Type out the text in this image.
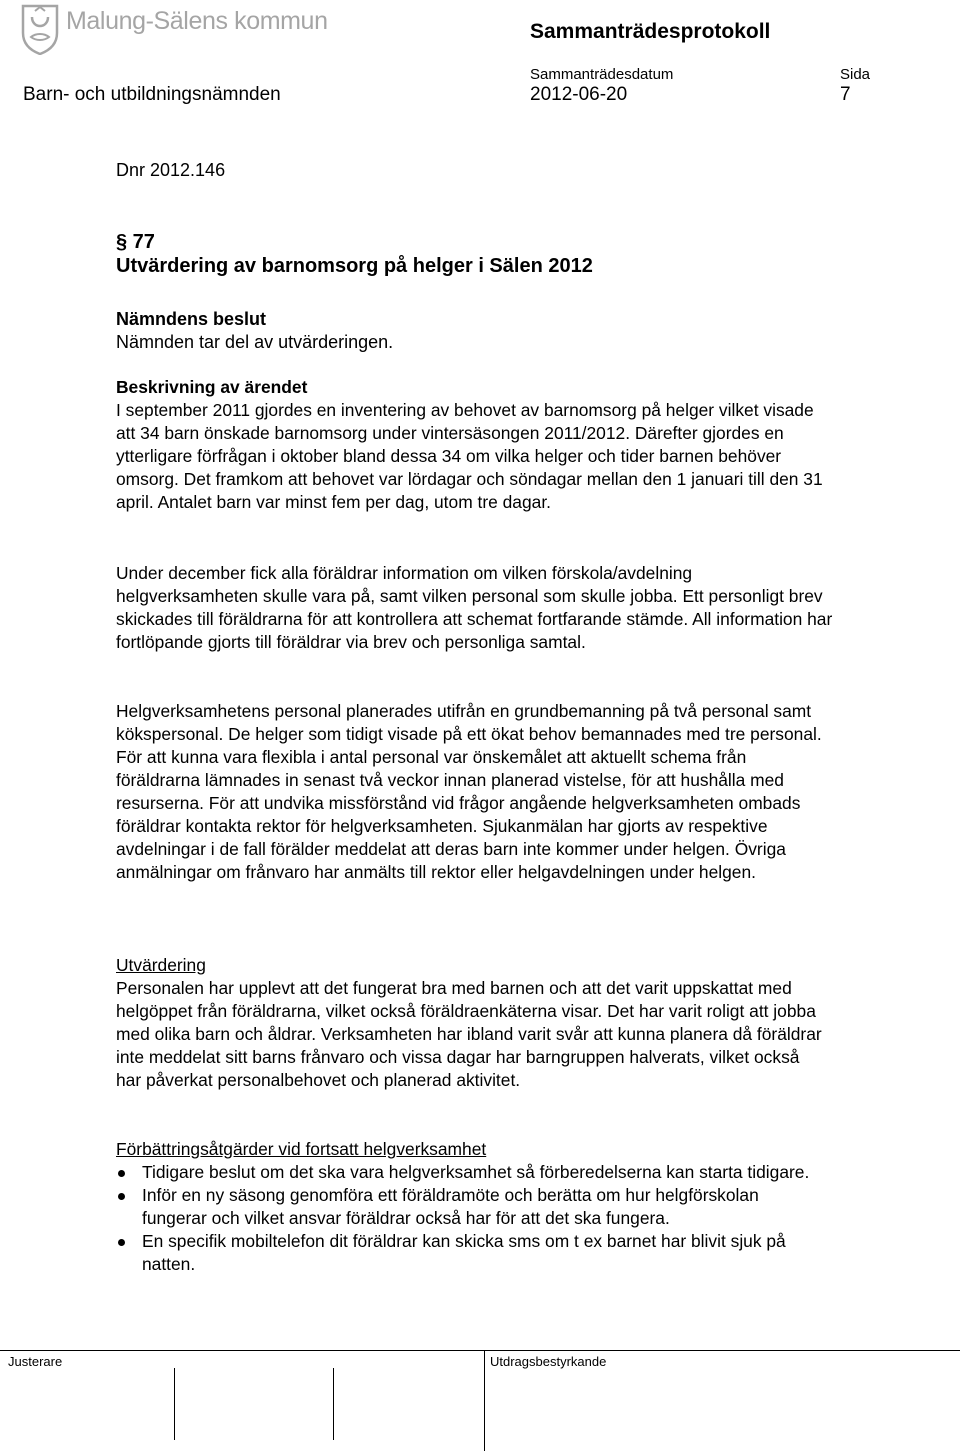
Malung-Sälens kommun	Sammanträdesprotokoll
Sammanträdesdatum	Sida
Barn- och utbildningsnämnden	2012-06-20	7
Dnr 2012.146
§ 77
Utvärdering av barnomsorg på helger i Sälen 2012
Nämndens beslut
Nämnden tar del av utvärderingen.

Beskrivning av ärendet

I september 2011 gjordes en inventering av behovet av barnomsorg på helger vilket visade att 34 barn önskade barnomsorg under vintersäsongen 2011/2012. Därefter gjordes en ytterligare förfrågan i oktober bland dessa 34 om vilka helger och tider barnen behöver omsorg. Det framkom att behovet var lördagar och söndagar mellan den 1 januari till den 31 april. Antalet barn var minst fem per dag, utom tre dagar.

Under december fick alla föräldrar information om vilken förskola/avdelning helgverksamheten skulle vara på, samt vilken personal som skulle jobba. Ett personligt brev skickades till föräldrarna för att kontrollera att schemat fortfarande stämde. All information har fortlöpande gjorts till föräldrar via brev och personliga samtal.
Helgverksamhetens personal planerades utifrån en grundbemanning på två personal samt kökspersonal. De helger som tidigt visade på ett ökat behov bemannades med tre personal. För att kunna vara flexibla i antal personal var önskemålet att aktuellt schema från föräldrarna lämnades in senast två veckor innan planerad vistelse, för att hushålla med resurserna. För att undvika missförstånd vid frågor angående helgverksamheten ombads föräldrar kontakta rektor för helgverksamheten. Sjukanmälan har gjorts av respektive avdelningar i de fall förälder meddelat att deras barn inte kommer under helgen. Övriga anmälningar om frånvaro har anmälts till rektor eller helgavdelningen under helgen.

Utvärdering

Personalen har upplevt att det fungerat bra med barnen och att det varit uppskattat med helgöppet från föräldrarna, vilket också föräldraenkäterna visar. Det har varit roligt att jobba med olika barn och åldrar. Verksamheten har ibland varit svår att kunna planera då föräldrar inte meddelat sitt barns frånvaro och vissa dagar har barngruppen halverats, vilket också har påverkat personalbehovet och planerad aktivitet.

Förbättringsåtgärder vid fortsatt helgverksamhet

Tidigare beslut om det ska vara helgverksamhet så förberedelserna kan starta tidigare.
Inför en ny säsong genomföra ett föräldramöte och berätta om hur helgförskolan fungerar och vilket ansvar föräldrar också har för att det ska fungera.
En specifik mobiltelefon dit föräldrar kan skicka sms om t ex barnet har blivit sjuk på natten.
Justerare	Utdragsbestyrkande
